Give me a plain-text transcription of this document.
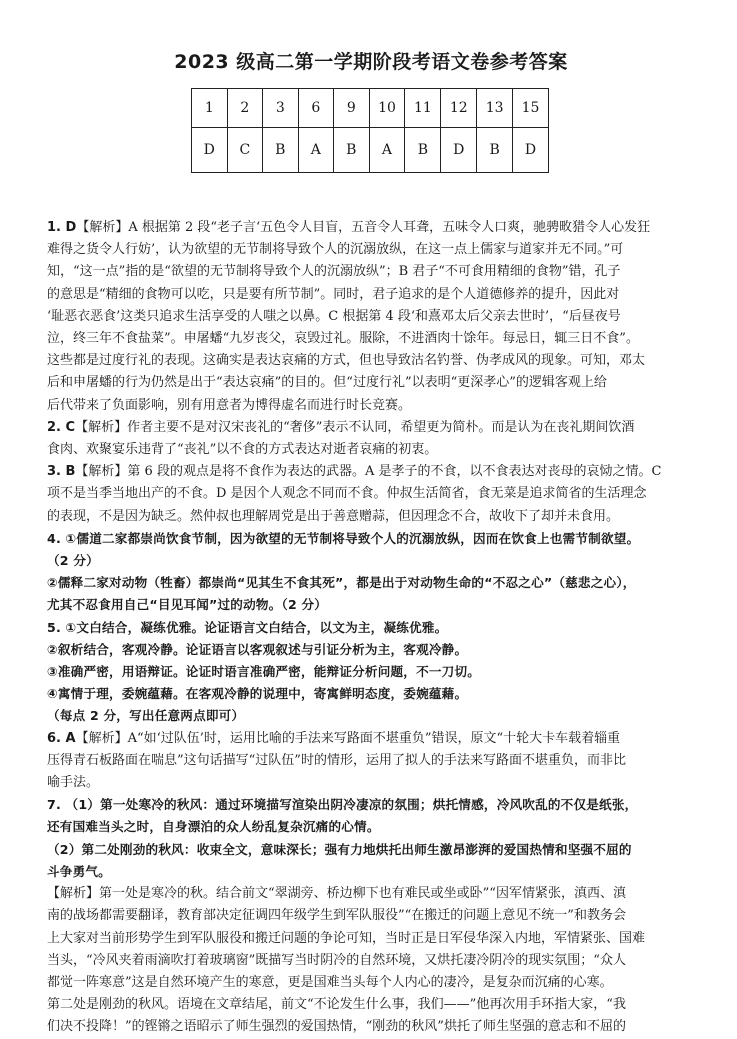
2023 级高二第一学期阶段考语文卷参考答案
1	2	3	6	9	10	11	12	13	15
D	C	B	A	B	A	B	D	B	D

1. D【解析】A 根据第 2 段“老子言‘五色令人目盲，五音令人耳聋，五味令人口爽，驰骋畋猎令人心发狂

难得之货令人行妨’，认为欲望的无节制将导致个人的沉溺放纵，在这一点上儒家与道家并无不同。”可

知，“这一点”指的是“欲望的无节制将导致个人的沉溺放纵”；B 君子“不可食用精细的食物”错，孔子

的意思是“精细的食物可以吃，只是要有所节制”。同时，君子追求的是个人道德修养的提升，因此对

‘耻恶衣恶食’这类只追求生活享受的人嗤之以鼻。C 根据第 4 段‘和熹邓太后父亲去世时’，“后昼夜号

泣，终三年不食盐菜”。申屠蟠“九岁丧父，哀毁过礼。服除，不进酒肉十馀年。每忌日，辄三日不食”。

这些都是过度行礼的表现。这确实是表达哀痛的方式，但也导致沽名钓誉、伪孝成风的现象。可知，邓太

后和申屠蟠的行为仍然是出于“表达哀痛”的目的。但“过度行礼”以表明“更深孝心”的逻辑客观上给

后代带来了负面影响，别有用意者为博得虚名而进行时长竞赛。

2. C【解析】作者主要不是对汉宋丧礼的“奢侈”表示不认同，希望更为简朴。而是认为在丧礼期间饮酒

食肉、欢聚宴乐违背了“丧礼”以不食的方式表达对逝者哀痛的初衷。

3. B【解析】第 6 段的观点是将不食作为表达的武器。A 是孝子的不食，以不食表达对丧母的哀恸之情。C

项不是当季当地出产的不食。D 是因个人观念不同而不食。仲叔生活简省，食无菜是追求简省的生活理念

的表现，不是因为缺乏。然仲叔也理解周党是出于善意赠蒜，但因理念不合，故收下了却并未食用。

4. ①儒道二家都崇尚饮食节制，因为欲望的无节制将导致个人的沉溺放纵，因而在饮食上也需节制欲望。

（2 分）

②儒释二家对动物（牲畜）都崇尚“见其生不食其死”，都是出于对动物生命的“不忍之心”（慈悲之心），

尤其不忍食用自己“目见耳闻”过的动物。（2 分）

5. ①文白结合，凝练优雅。论证语言文白结合，以文为主，凝练优雅。

②叙析结合，客观冷静。论证语言以客观叙述与引证分析为主，客观冷静。

③准确严密，用语辩证。论证时语言准确严密，能辩证分析问题，不一刀切。

④寓情于理，委婉蕴藉。在客观冷静的说理中，寄寓鲜明态度，委婉蕴藉。

（每点 2 分，写出任意两点即可）

6. A【解析】A“如‘过队伍’时，运用比喻的手法来写路面不堪重负”错误，原文“十轮大卡车载着辎重

压得青石板路面在喘息”这句话描写“过队伍”时的情形，运用了拟人的手法来写路面不堪重负，而非比

喻手法。

7. （1）第一处寒冷的秋风：通过环境描写渲染出阴冷凄凉的氛围；烘托情感，冷风吹乱的不仅是纸张，

还有国难当头之时，自身漂泊的众人纷乱复杂沉痛的心情。

（2）第二处刚劲的秋风：收束全文，意味深长；强有力地烘托出师生激昂澎湃的爱国热情和坚强不屈的

斗争勇气。

【解析】第一处是寒冷的秋。结合前文“翠湖旁、桥边柳下也有难民或坐或卧”“因军情紧张，滇西、滇

南的战场都需要翻译，教育部决定征调四年级学生到军队服役”“在搬迁的问题上意见不统一”和教务会

上大家对当前形势学生到军队服役和搬迁问题的争论可知，当时正是日军侵华深入内地，军情紧张、国难

当头，“冷风夹着雨滴吹打着玻璃窗”既描写当时阴冷的自然环境，又烘托凄冷阴冷的现实氛围；“众人

都觉一阵寒意”这是自然环境产生的寒意，更是国难当头每个人内心的凄冷，是复杂而沉痛的心寒。

第二处是刚劲的秋风。语境在文章结尾，前文“不论发生什么事，我们——”他再次用手环指大家，“我

们决不投降！”的铿锵之语昭示了师生强烈的爱国热情，“刚劲的秋风”烘托了师生坚强的意志和不屈的
